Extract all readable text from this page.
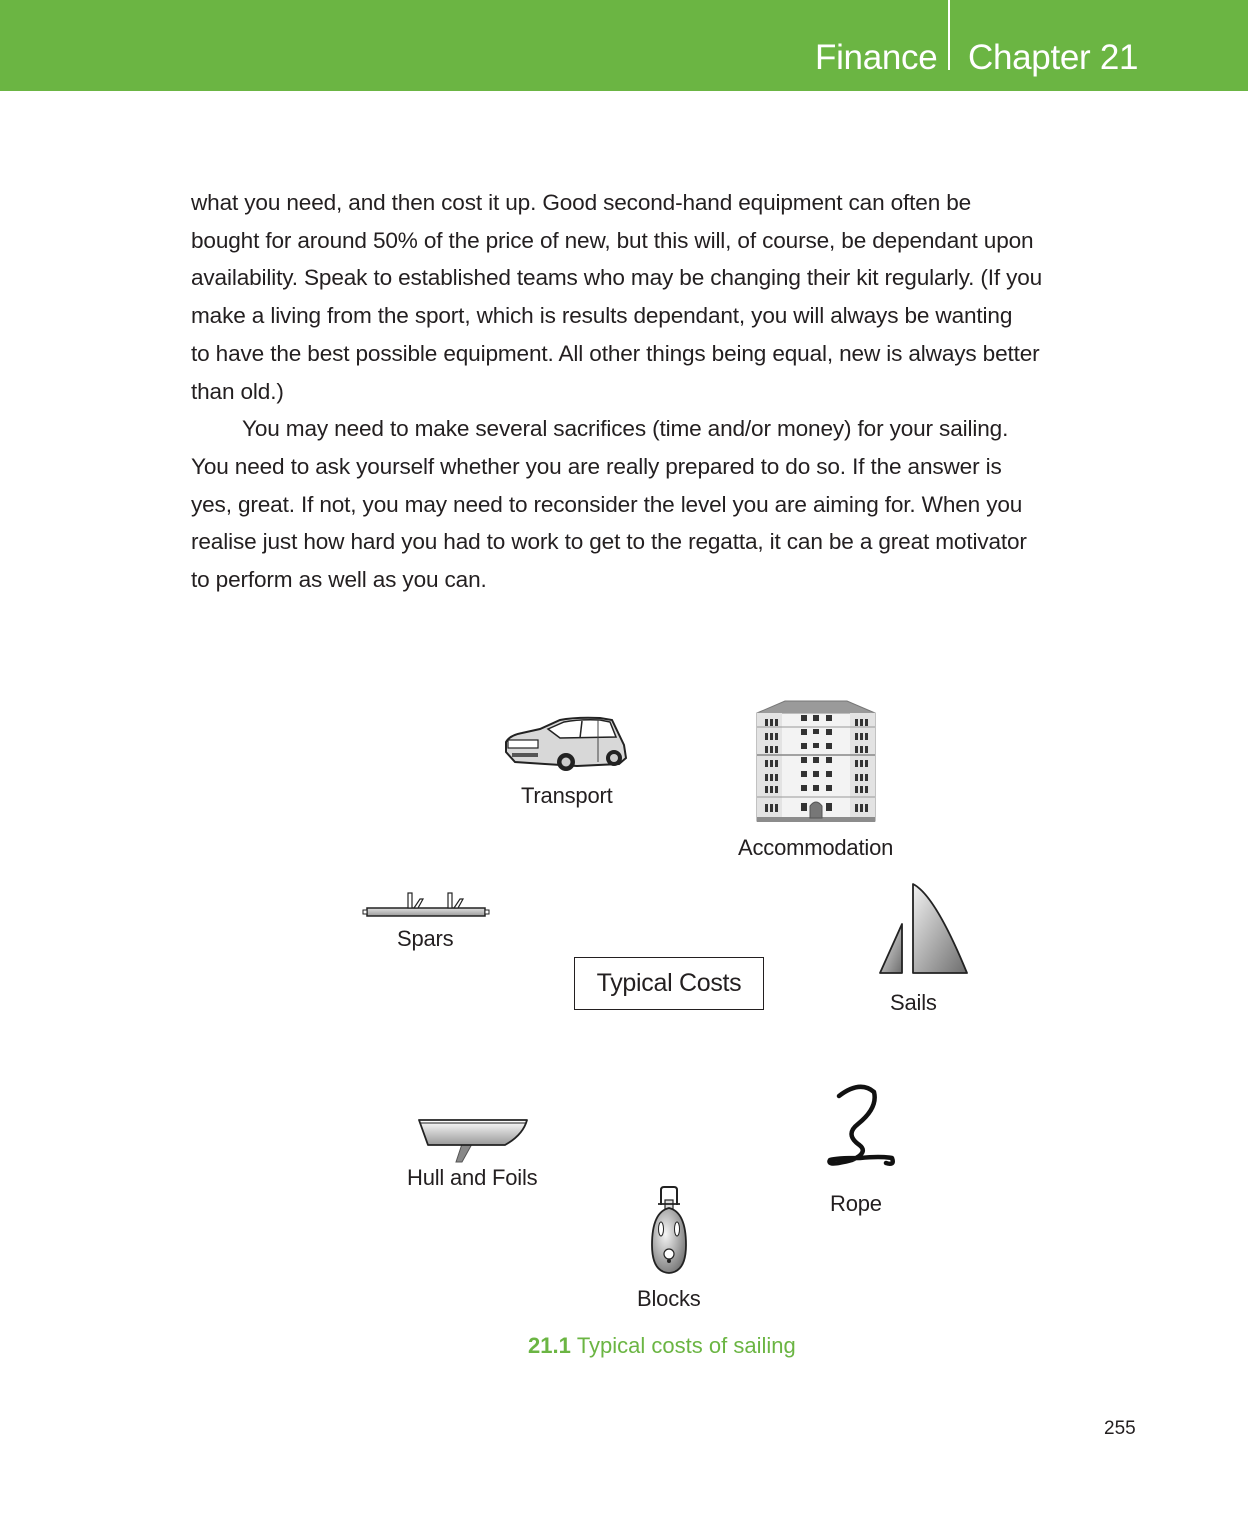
Finance Chapter 21

what you need, and then cost it up. Good second-hand equipment can often be
bought for around 50% of the price of new, but this will, of course, be dependant upon
availability. Speak to established teams who may be changing their kit regularly. (If you
make a living from the sport, which is results dependant, you will always be wanting
to have the best possible equipment. All other things being equal, new is always better
than old.)

You may need to make several sacrifices (time and/or money) for your sailing.
You need to ask yourself whether you are really prepared to do so. If the answer is
yes, great. If not, you may need to reconsider the level you are aiming for. When you
realise just how hard you had to work to get to the regatta, it can be a great motivator
to perform as well as you can.

Transport
Accommodation
Spars
Sails
Hull and Foils
Rope
Blocks
Typical Costs
21.1 Typical costs of sailing
255
